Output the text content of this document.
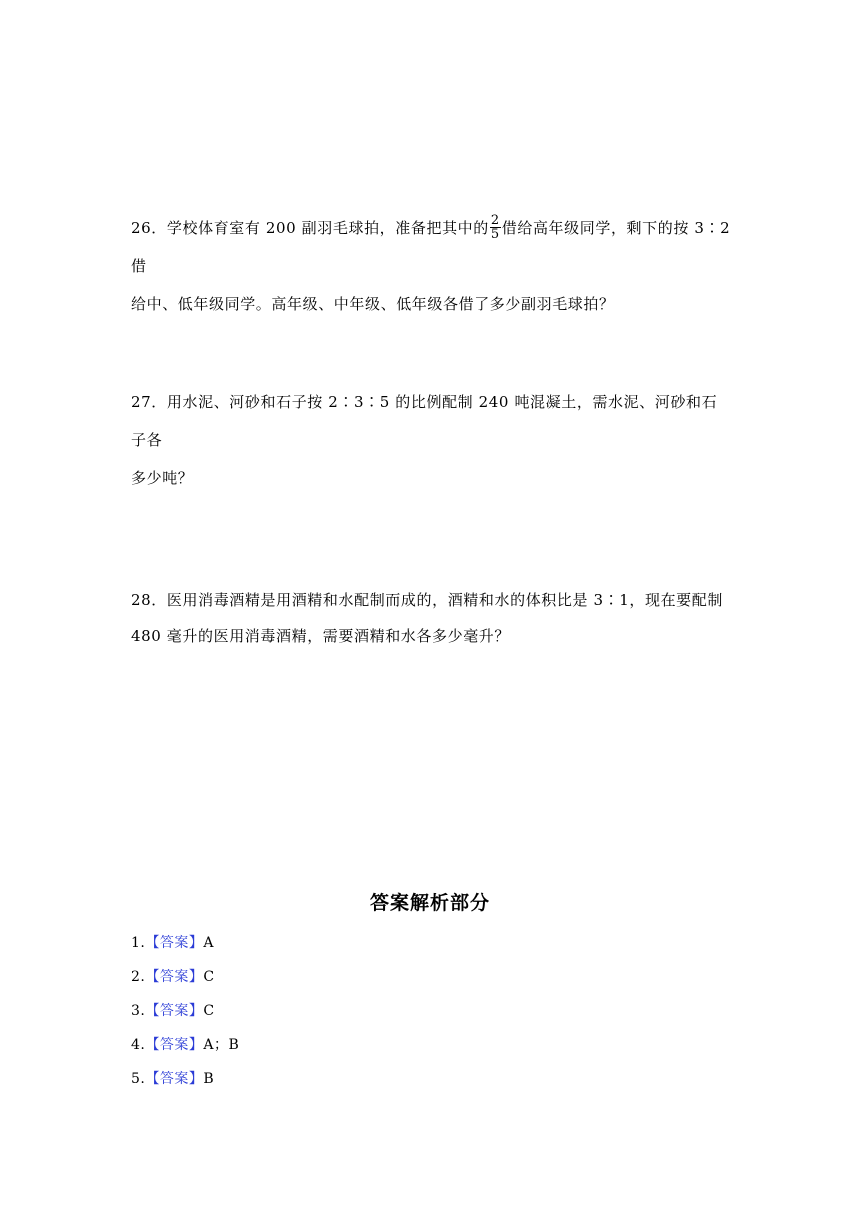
26．学校体育室有 200 副羽毛球拍，准备把其中的 $\frac{2}{5}$ 借给高年级同学，剩下的按 3∶2 借
给中、低年级同学。高年级、中年级、低年级各借了多少副羽毛球拍？
27．用水泥、河砂和石子按 2∶3∶5 的比例配制 240 吨混凝土，需水泥、河砂和石子各
多少吨？
28．医用消毒酒精是用酒精和水配制而成的，酒精和水的体积比是 3∶1，现在要配制
480 毫升的医用消毒酒精，需要酒精和水各多少毫升？
答案解析部分
1.【答案】A
2.【答案】C
3.【答案】C
4.【答案】A；B
5.【答案】B
